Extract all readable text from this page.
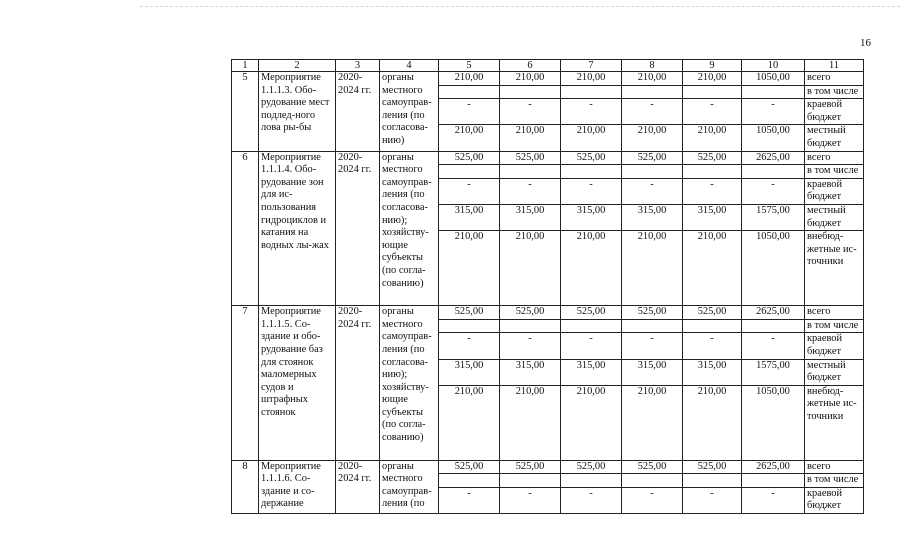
16
1	2	3	4	5	6	7	8	9	10	11
5	Мероприятие 1.1.1.3. Обо-рудование мест подлед-ного лова ры-бы	2020-2024 гг.	органы местного самоуправ-ления (по согласова-нию)	210,00	210,00	210,00	210,00	210,00	1050,00	всего
										в том числе
				-	-	-	-	-	-	краевой бюджет
				210,00	210,00	210,00	210,00	210,00	1050,00	местный бюджет
6	Мероприятие 1.1.1.4. Обо-рудование зон для ис-пользования гидроциклов и катания на водных лы-жах	2020-2024 гг.	органы местного самоуправ-ления (по согласова-нию); хозяйству-ющие субъекты (по согла-сованию)	525,00	525,00	525,00	525,00	525,00	2625,00	всего
										в том числе
				-	-	-	-	-	-	краевой бюджет
				315,00	315,00	315,00	315,00	315,00	1575,00	местный бюджет
				210,00	210,00	210,00	210,00	210,00	1050,00	внебюд-жетные ис-точники
7	Мероприятие 1.1.1.5. Со-здание и обо-рудование баз для стоянок маломерных судов и штрафных стоянок	2020-2024 гг.	органы местного самоуправ-ления (по согласова-нию); хозяйству-ющие субъекты (по согла-сованию)	525,00	525,00	525,00	525,00	525,00	2625,00	всего
										в том числе
				-	-	-	-	-	-	краевой бюджет
				315,00	315,00	315,00	315,00	315,00	1575,00	местный бюджет
				210,00	210,00	210,00	210,00	210,00	1050,00	внебюд-жетные ис-точники
8	Мероприятие 1.1.1.6. Со-здание и со-держание	2020-2024 гг.	органы местного самоуправ-ления (по	525,00	525,00	525,00	525,00	525,00	2625,00	всего
										в том числе
				-	-	-	-	-	-	краевой бюджет
